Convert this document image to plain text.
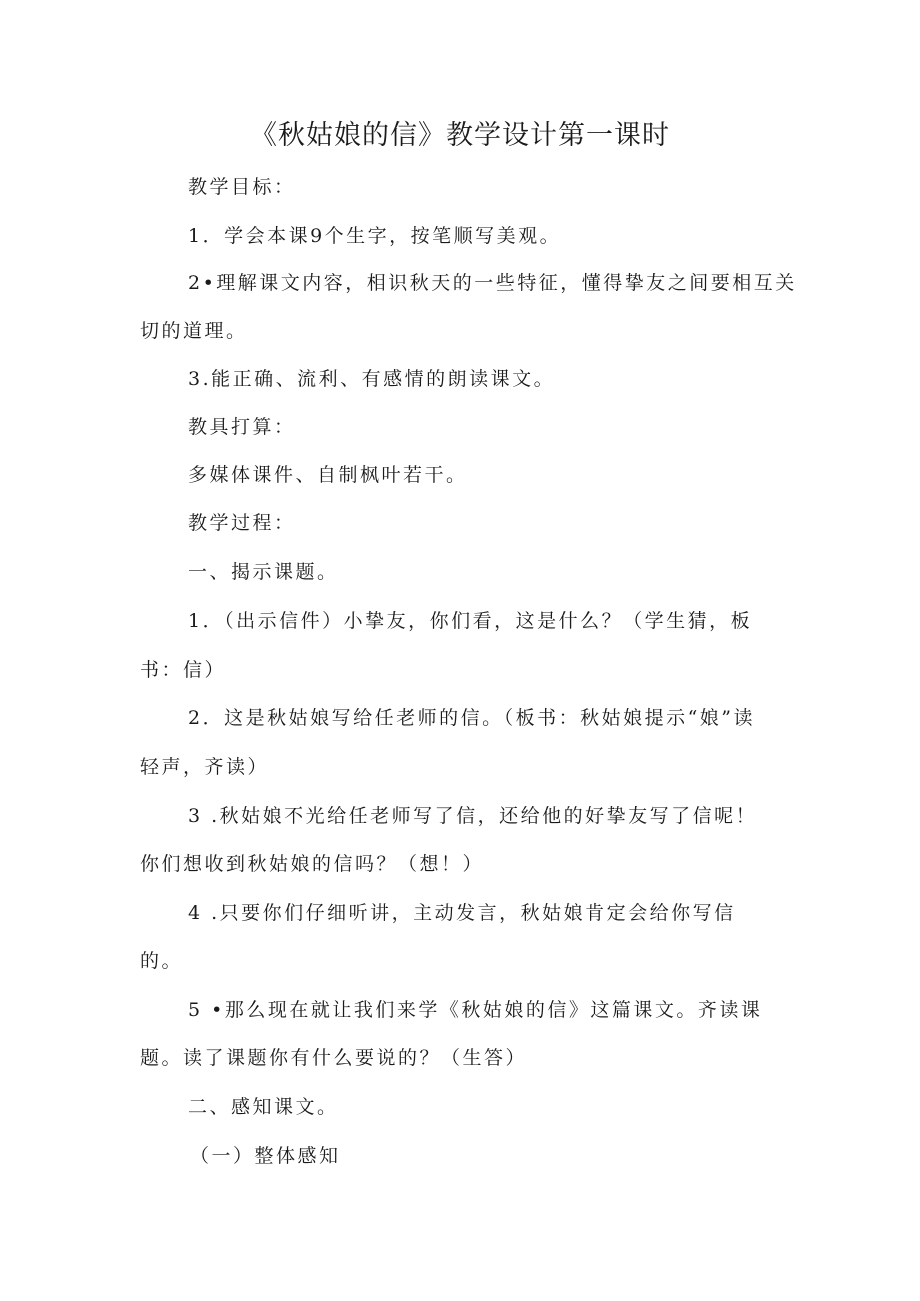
《秋姑娘的信》教学设计第一课时
教学目标：
1．学会本课9个生字，按笔顺写美观。
2•理解课文内容，相识秋天的一些特征，懂得挚友之间要相互关
切的道理。
3.能正确、流利、有感情的朗读课文。
教具打算：
多媒体课件、自制枫叶若干。
教学过程：
一、揭示课题。
1．（出示信件）小挚友，你们看，这是什么？（学生猜，板
书：信）
2．这是秋姑娘写给任老师的信。（板书：秋姑娘提示“娘”读
轻声，齐读）
3 .秋姑娘不光给任老师写了信，还给他的好挚友写了信呢！
你们想收到秋姑娘的信吗？（想！）
4 .只要你们仔细听讲，主动发言，秋姑娘肯定会给你写信
的。
5 •那么现在就让我们来学《秋姑娘的信》这篇课文。齐读课
题。读了课题你有什么要说的？（生答）
二、感知课文。
（一）整体感知
